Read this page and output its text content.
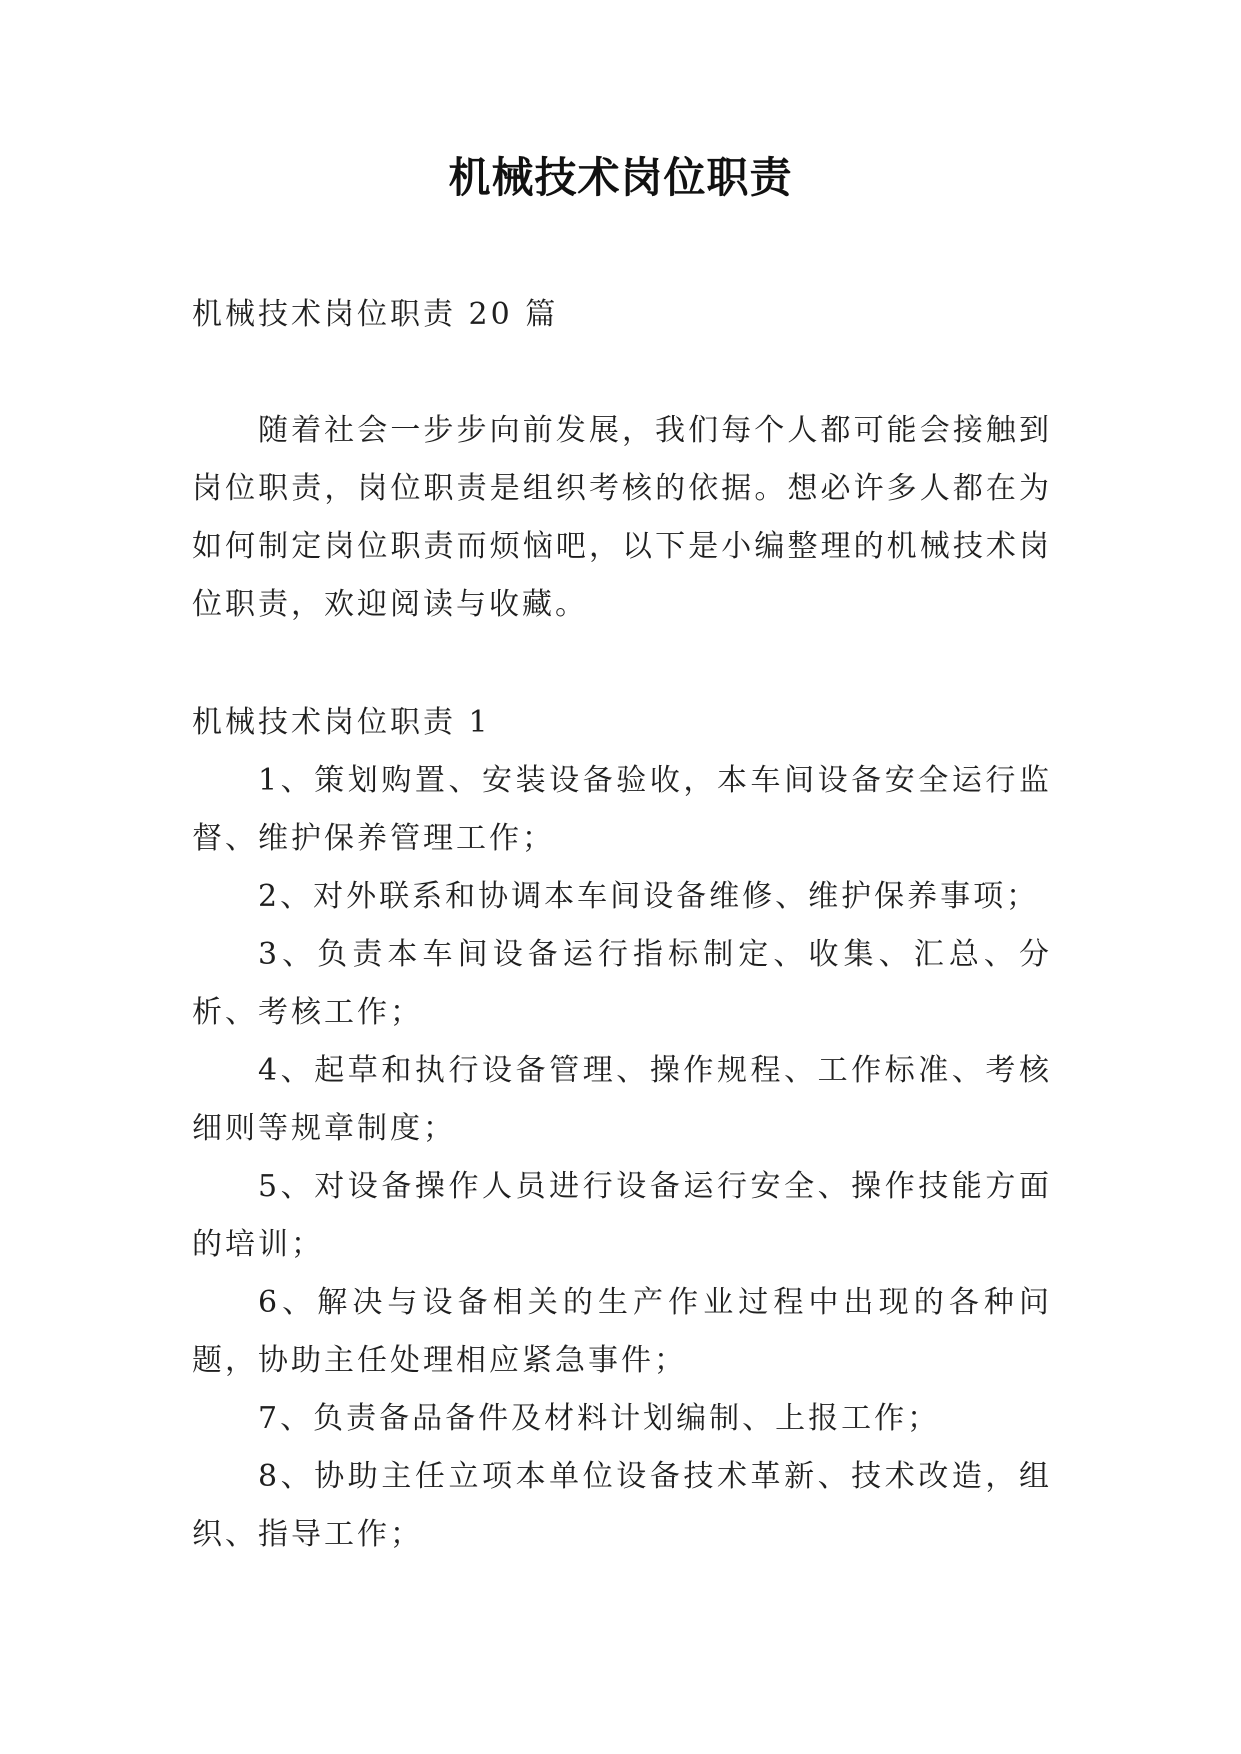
机械技术岗位职责
机械技术岗位职责 20 篇
随着社会一步步向前发展，我们每个人都可能会接触到岗位职责，岗位职责是组织考核的依据。想必许多人都在为如何制定岗位职责而烦恼吧，以下是小编整理的机械技术岗位职责，欢迎阅读与收藏。
机械技术岗位职责 1
1、策划购置、安装设备验收，本车间设备安全运行监督、维护保养管理工作；
2、对外联系和协调本车间设备维修、维护保养事项；
3、负责本车间设备运行指标制定、收集、汇总、分析、考核工作；
4、起草和执行设备管理、操作规程、工作标准、考核细则等规章制度；
5、对设备操作人员进行设备运行安全、操作技能方面的培训；
6、解决与设备相关的生产作业过程中出现的各种问题，协助主任处理相应紧急事件；
7、负责备品备件及材料计划编制、上报工作；
8、协助主任立项本单位设备技术革新、技术改造，组织、指导工作；
